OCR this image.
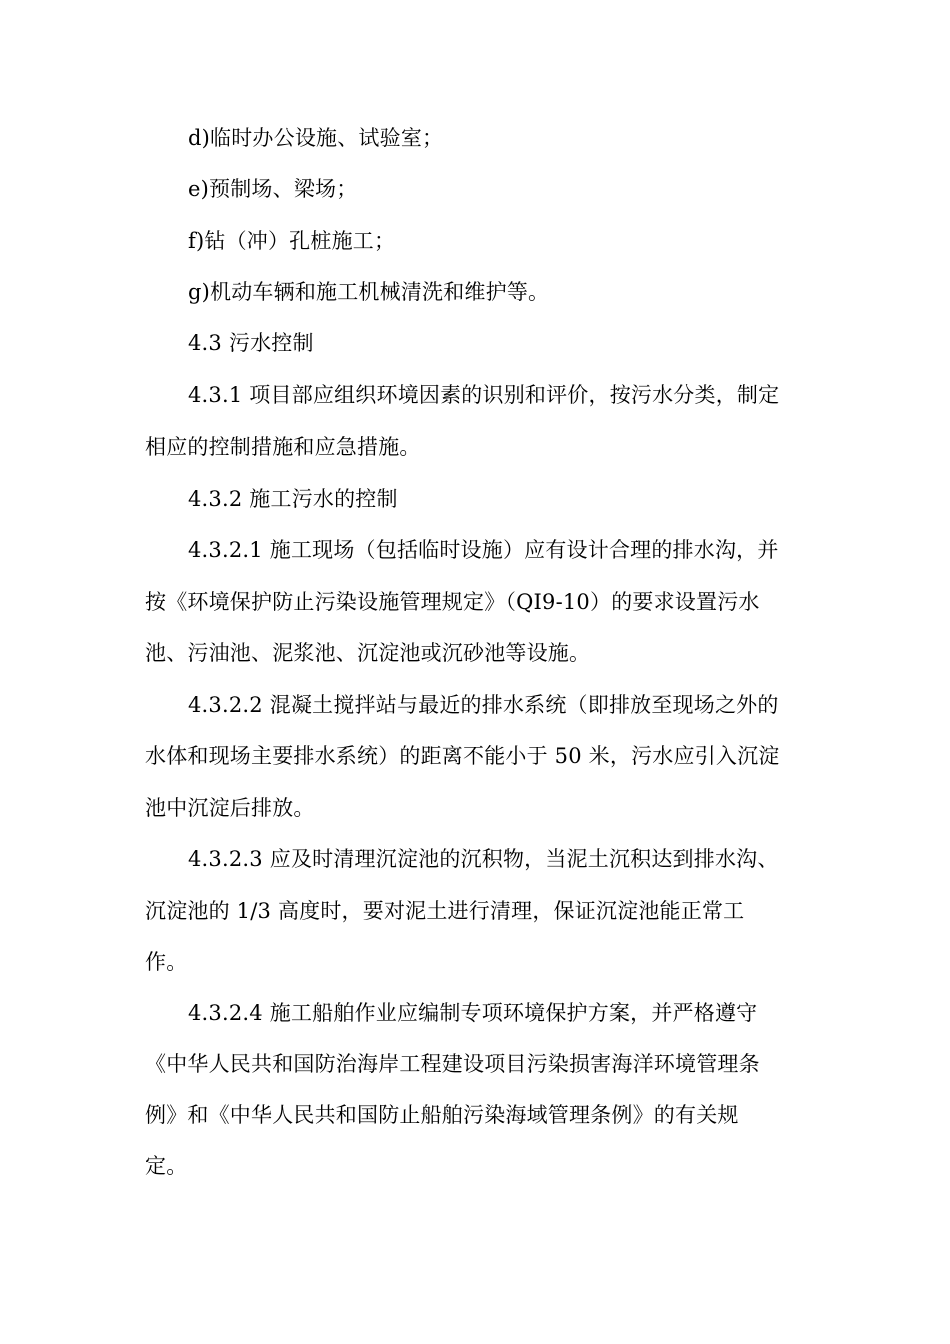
d)临时办公设施、试验室；
e)预制场、梁场；
f)钻（冲）孔桩施工；
g)机动车辆和施工机械清洗和维护等。
4.3 污水控制
4.3.1 项目部应组织环境因素的识别和评价，按污水分类，制定
相应的控制措施和应急措施。
4.3.2 施工污水的控制
4.3.2.1 施工现场（包括临时设施）应有设计合理的排水沟，并
按《环境保护防止污染设施管理规定》（QI9-10）的要求设置污水
池、污油池、泥浆池、沉淀池或沉砂池等设施。
4.3.2.2 混凝土搅拌站与最近的排水系统（即排放至现场之外的
水体和现场主要排水系统）的距离不能小于 50 米，污水应引入沉淀
池中沉淀后排放。
4.3.2.3 应及时清理沉淀池的沉积物，当泥土沉积达到排水沟、
沉淀池的 1/3 高度时，要对泥土进行清理，保证沉淀池能正常工
作。
4.3.2.4 施工船舶作业应编制专项环境保护方案，并严格遵守
《中华人民共和国防治海岸工程建设项目污染损害海洋环境管理条
例》和《中华人民共和国防止船舶污染海域管理条例》的有关规
定。
